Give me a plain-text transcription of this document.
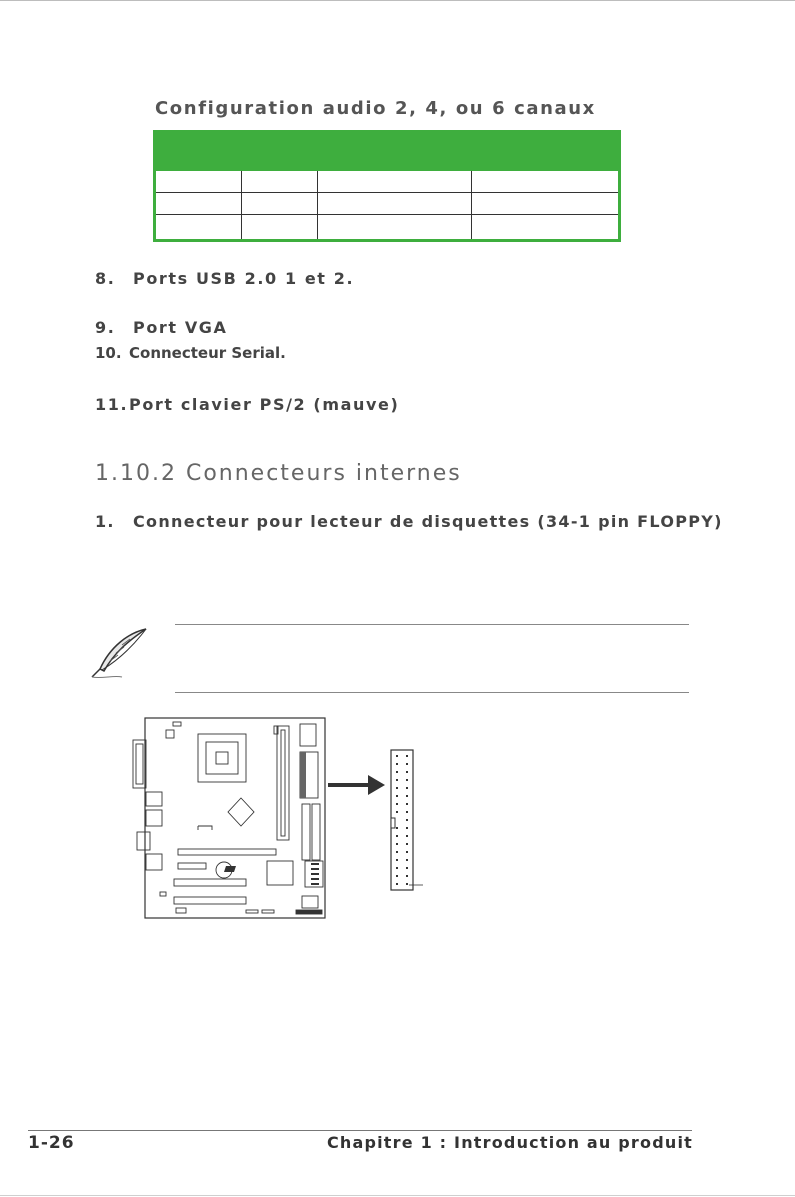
Configuration audio 2, 4, ou 6 canaux
8. Ports USB 2.0 1 et 2.
9. Port VGA
10. Connecteur Serial.
11.Port clavier PS/2 (mauve)
1.10.2 Connecteurs internes
1. Connecteur pour lecteur de disquettes (34-1 pin FLOPPY)
1-26	Chapitre 1 : Introduction au produit
